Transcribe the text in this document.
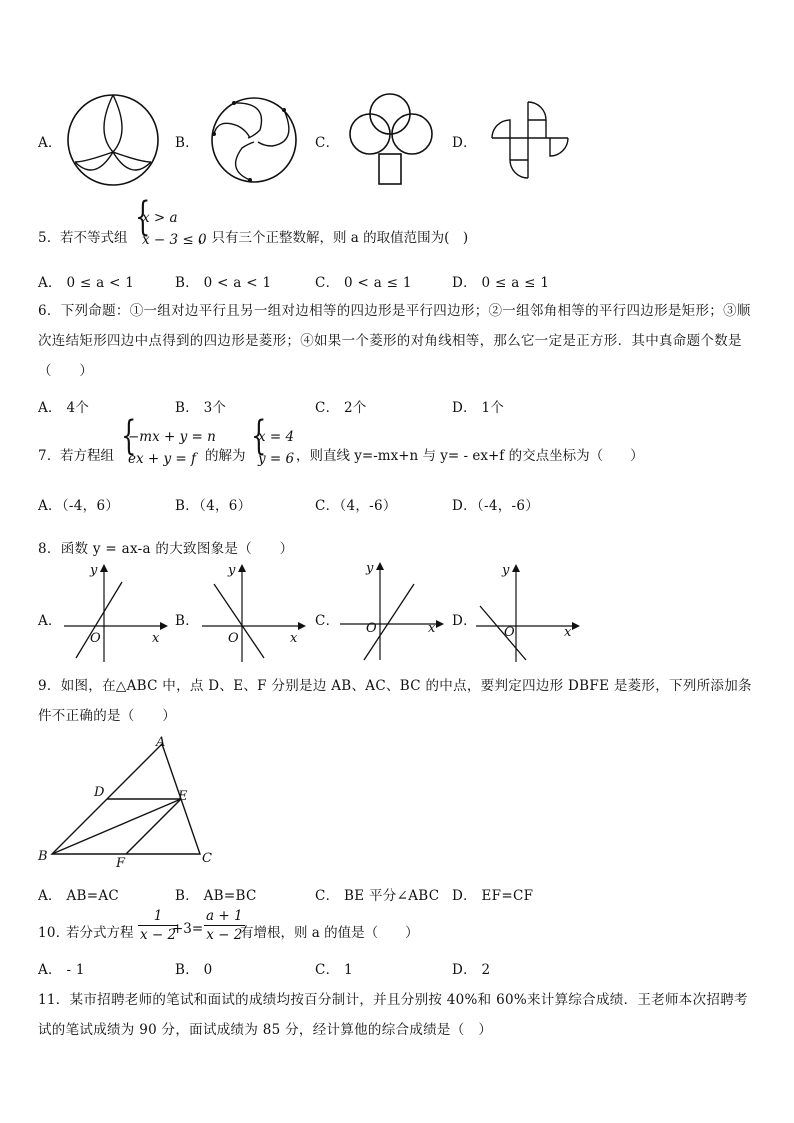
A．	B．	C．	D．
5． 若不等式组 {
x > a
x − 3 ≤ 0
，只有三个正整数解，则 a 的取值范围为(　)
A． 0 ≤ a < 1	B． 0 < a < 1	C． 0 < a ≤ 1	D． 0 ≤ a ≤ 1
6．下列命题：①一组对边平行且另一组对边相等的四边形是平行四边形；②一组邻角相等的平行四边形是矩形；③顺次连结矩形四边中点得到的四边形是菱形；④如果一个菱形的对角线相等，那么它一定是正方形．其中真命题个数是（　　）
A． 4个	B． 3个	C． 2个	D． 1个
7． 若方程组 {
−mx + y = n
ex + y = f 的解为 {
x = 4
y = 6 ，则直线 y=-mx+n 与 y= - ex+f 的交点坐标为（　　）
A．（-4，6）	B．（4，6）	C．（4，-6）	D．（-4，-6）
8．函数 y = ax-a 的大致图象是（　　）
A．
y
x
O
B．
y
x
O
C．
y
x
O	D．
y
x
O
9．如图，在△ABC 中，点 D、E、F 分别是边 AB、AC、BC 的中点，要判定四边形 DBFE 是菱形，下列所添加条件不正确的是（　　）
A
B	C
D	E
F
A． AB=AC	B． AB=BC	C． BE 平分∠ABC D． EF=CF
10．
若分式方程 $\frac{1}{x - 2}$
$+3= \frac{a + 1}{x - 2}$
有增根，则 a 的值是（　　）
A． - 1	B． 0	C． 1	D． 2
11．某市招聘老师的笔试和面试的成绩均按百分制计，并且分别按 40%和 60%来计算综合成绩．王老师本次招聘考试的笔试成绩为 90 分，面试成绩为 85 分，经计算他的综合成绩是（　）
